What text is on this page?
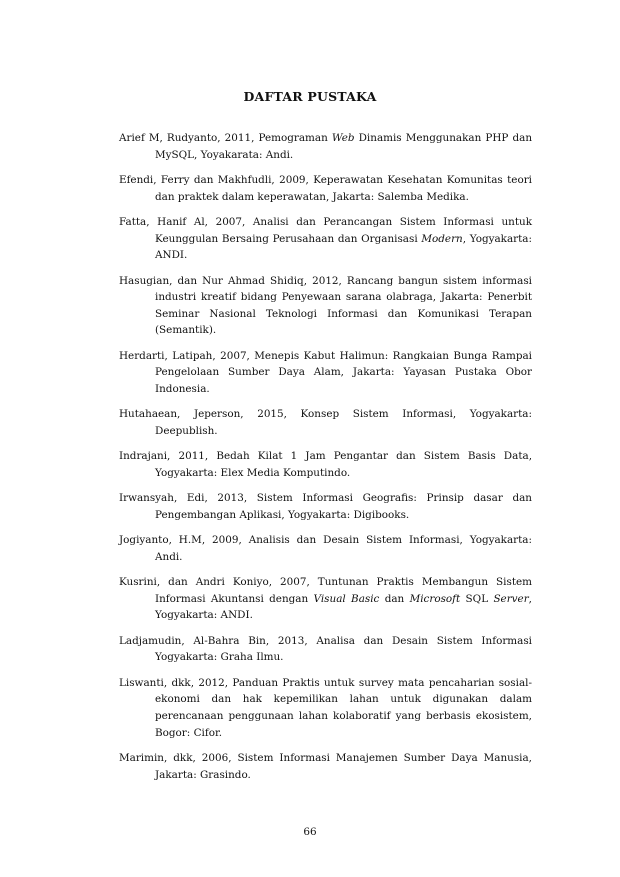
DAFTAR PUSTAKA
Arief M, Rudyanto, 2011, Pemograman Web Dinamis Menggunakan PHP dan MySQL, Yoyakarata: Andi.
Efendi, Ferry dan Makhfudli, 2009, Keperawatan Kesehatan Komunitas teori dan praktek dalam keperawatan, Jakarta: Salemba Medika.
Fatta, Hanif Al, 2007, Analisi dan Perancangan Sistem Informasi untuk Keunggulan Bersaing Perusahaan dan Organisasi Modern, Yogyakarta: ANDI.
Hasugian, dan Nur Ahmad Shidiq, 2012, Rancang bangun sistem informasi industri kreatif bidang Penyewaan sarana olabraga, Jakarta: Penerbit Seminar Nasional Teknologi Informasi dan Komunikasi Terapan (Semantik).
Herdarti, Latipah, 2007, Menepis Kabut Halimun: Rangkaian Bunga Rampai Pengelolaan Sumber Daya Alam, Jakarta: Yayasan Pustaka Obor Indonesia.
Hutahaean, Jeperson, 2015, Konsep Sistem Informasi, Yogyakarta: Deepublish.
Indrajani, 2011, Bedah Kilat 1 Jam Pengantar dan Sistem Basis Data, Yogyakarta: Elex Media Komputindo.
Irwansyah, Edi, 2013, Sistem Informasi Geografis: Prinsip dasar dan Pengembangan Aplikasi, Yogyakarta: Digibooks.
Jogiyanto, H.M, 2009, Analisis dan Desain Sistem Informasi, Yogyakarta: Andi.
Kusrini, dan Andri Koniyo, 2007, Tuntunan Praktis Membangun Sistem Informasi Akuntansi dengan Visual Basic dan Microsoft SQL Server, Yogyakarta: ANDI.
Ladjamudin, Al-Bahra Bin, 2013, Analisa dan Desain Sistem Informasi Yogyakarta: Graha Ilmu.
Liswanti, dkk, 2012, Panduan Praktis untuk survey mata pencaharian sosial-ekonomi dan hak kepemilikan lahan untuk digunakan dalam perencanaan penggunaan lahan kolaboratif yang berbasis ekosistem, Bogor: Cifor.
Marimin, dkk, 2006, Sistem Informasi Manajemen Sumber Daya Manusia, Jakarta: Grasindo.
66
